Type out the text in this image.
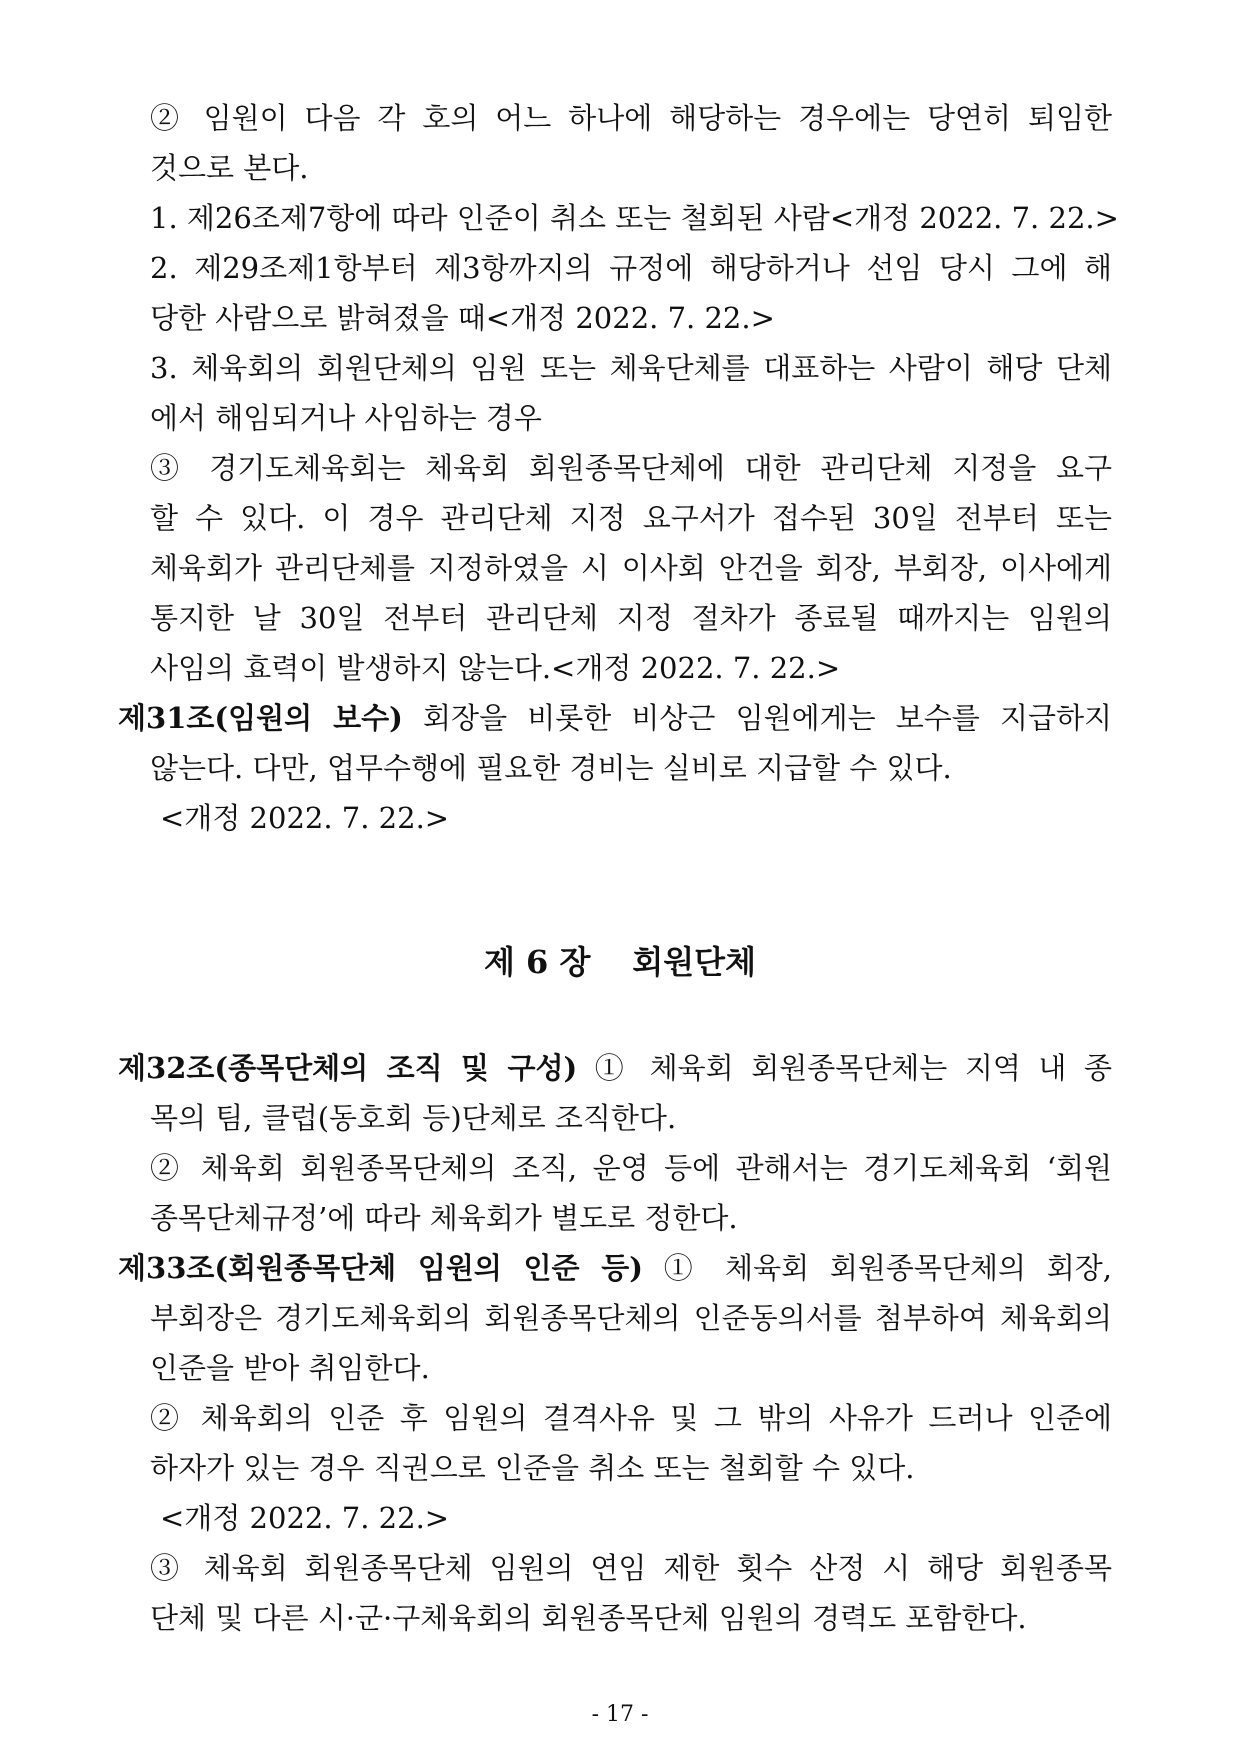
② 임원이 다음 각 호의 어느 하나에 해당하는 경우에는 당연히 퇴임한
것으로 본다.
1. 제26조제7항에 따라 인준이 취소 또는 철회된 사람<개정 2022. 7. 22.>
2. 제29조제1항부터 제3항까지의 규정에 해당하거나 선임 당시 그에 해
당한 사람으로 밝혀졌을 때<개정 2022. 7. 22.>
3. 체육회의 회원단체의 임원 또는 체육단체를 대표하는 사람이 해당 단체
에서 해임되거나 사임하는 경우
③ 경기도체육회는 체육회 회원종목단체에 대한 관리단체 지정을 요구
할 수 있다. 이 경우 관리단체 지정 요구서가 접수된 30일 전부터 또는
체육회가 관리단체를 지정하였을 시 이사회 안건을 회장, 부회장, 이사에게
통지한 날 30일 전부터 관리단체 지정 절차가 종료될 때까지는 임원의
사임의 효력이 발생하지 않는다.<개정 2022. 7. 22.>
제31조(임원의 보수) 회장을 비롯한 비상근 임원에게는 보수를 지급하지
않는다. 다만, 업무수행에 필요한 경비는 실비로 지급할 수 있다.
<개정 2022. 7. 22.>
제 6 장 회원단체
제32조(종목단체의 조직 및 구성) ① 체육회 회원종목단체는 지역 내 종
목의 팀, 클럽(동호회 등)단체로 조직한다.
② 체육회 회원종목단체의 조직, 운영 등에 관해서는 경기도체육회 ‘회원
종목단체규정’에 따라 체육회가 별도로 정한다.
제33조(회원종목단체 임원의 인준 등) ① 체육회 회원종목단체의 회장,
부회장은 경기도체육회의 회원종목단체의 인준동의서를 첨부하여 체육회의
인준을 받아 취임한다.
② 체육회의 인준 후 임원의 결격사유 및 그 밖의 사유가 드러나 인준에
하자가 있는 경우 직권으로 인준을 취소 또는 철회할 수 있다.
<개정 2022. 7. 22.>
③ 체육회 회원종목단체 임원의 연임 제한 횟수 산정 시 해당 회원종목
단체 및 다른 시·군·구체육회의 회원종목단체 임원의 경력도 포함한다.
- 17 -
